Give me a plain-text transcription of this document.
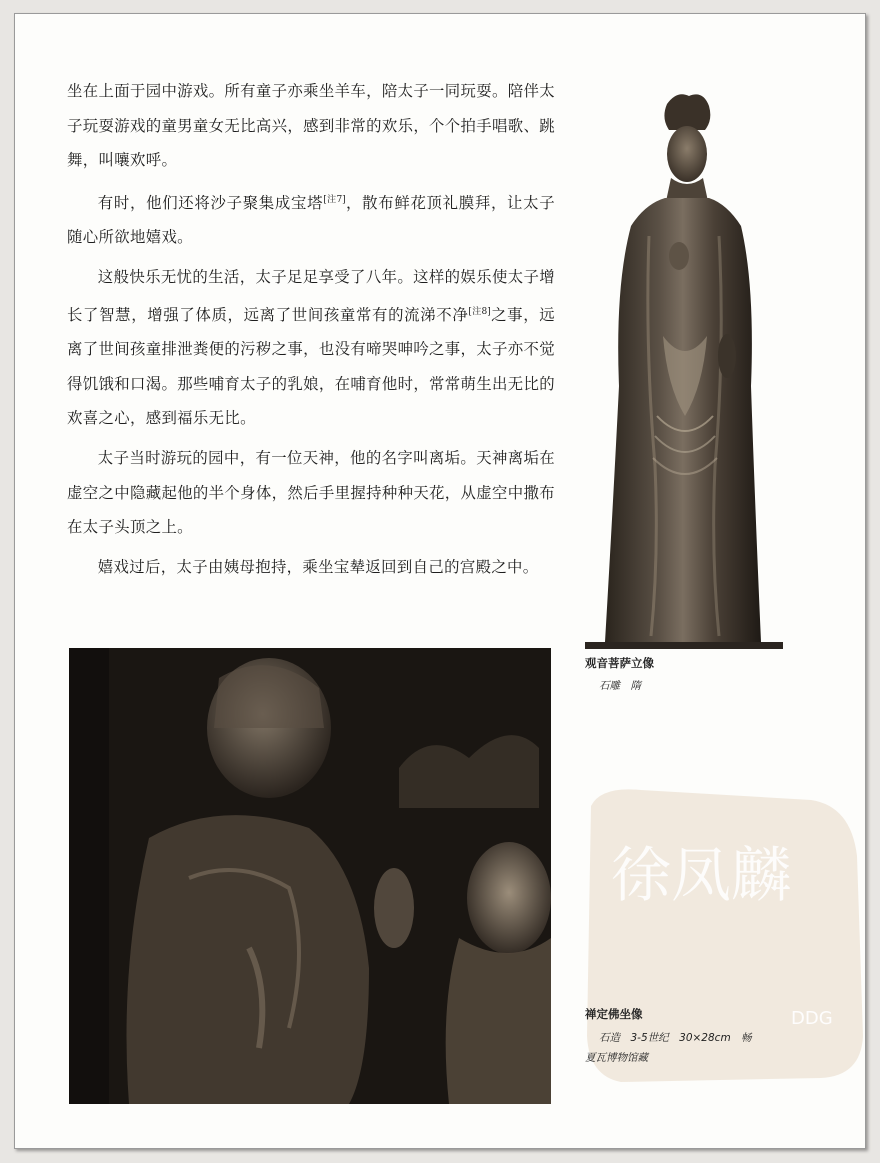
坐在上面于园中游戏。所有童子亦乘坐羊车，陪太子一同玩耍。陪伴太子玩耍游戏的童男童女无比高兴，感到非常的欢乐，个个拍手唱歌、跳舞，叫嚷欢呼。

有时，他们还将沙子聚集成宝塔[注7]，散布鲜花顶礼膜拜，让太子随心所欲地嬉戏。

这般快乐无忧的生活，太子足足享受了八年。这样的娱乐使太子增长了智慧，增强了体质，远离了世间孩童常有的流涕不净[注8]之事，远离了世间孩童排泄粪便的污秽之事，也没有啼哭呻吟之事，太子亦不觉得饥饿和口渴。那些哺育太子的乳娘，在哺育他时，常常萌生出无比的欢喜之心，感到福乐无比。

太子当时游玩的园中，有一位天神，他的名字叫离垢。天神离垢在虚空之中隐藏起他的半个身体，然后手里握持种种天花，从虚空中撒布在太子头顶之上。

嬉戏过后，太子由姨母抱持，乘坐宝辇返回到自己的宫殿之中。

观音菩萨立像
石雕　隋
徐凤麟
DDG
禅定佛坐像
石造　3-5世纪　30×28cm　畅
夏瓦博物馆藏
